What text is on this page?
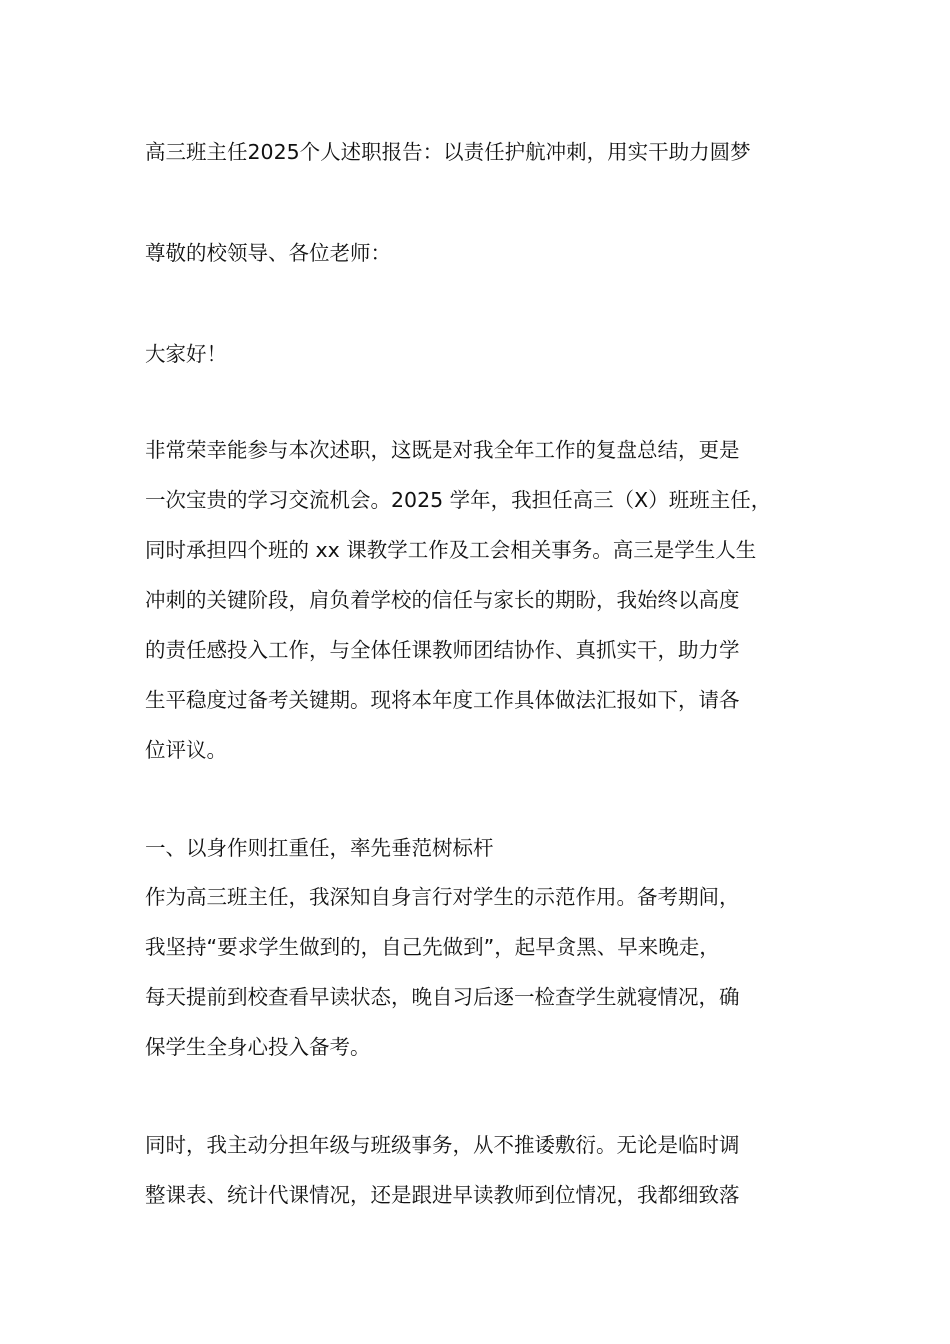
高三班主任2025个人述职报告：以责任护航冲刺，用实干助力圆梦
尊敬的校领导、各位老师：
大家好！
非常荣幸能参与本次述职，这既是对我全年工作的复盘总结，更是
一次宝贵的学习交流机会。2025 学年，我担任高三（X）班班主任，
同时承担四个班的 xx 课教学工作及工会相关事务。高三是学生人生
冲刺的关键阶段，肩负着学校的信任与家长的期盼，我始终以高度
的责任感投入工作，与全体任课教师团结协作、真抓实干，助力学
生平稳度过备考关键期。现将本年度工作具体做法汇报如下，请各
位评议。
一、以身作则扛重任，率先垂范树标杆
作为高三班主任，我深知自身言行对学生的示范作用。备考期间，
我坚持“要求学生做到的，自己先做到”，起早贪黑、早来晚走，
每天提前到校查看早读状态，晚自习后逐一检查学生就寝情况，确
保学生全身心投入备考。
同时，我主动分担年级与班级事务，从不推诿敷衍。无论是临时调
整课表、统计代课情况，还是跟进早读教师到位情况，我都细致落
